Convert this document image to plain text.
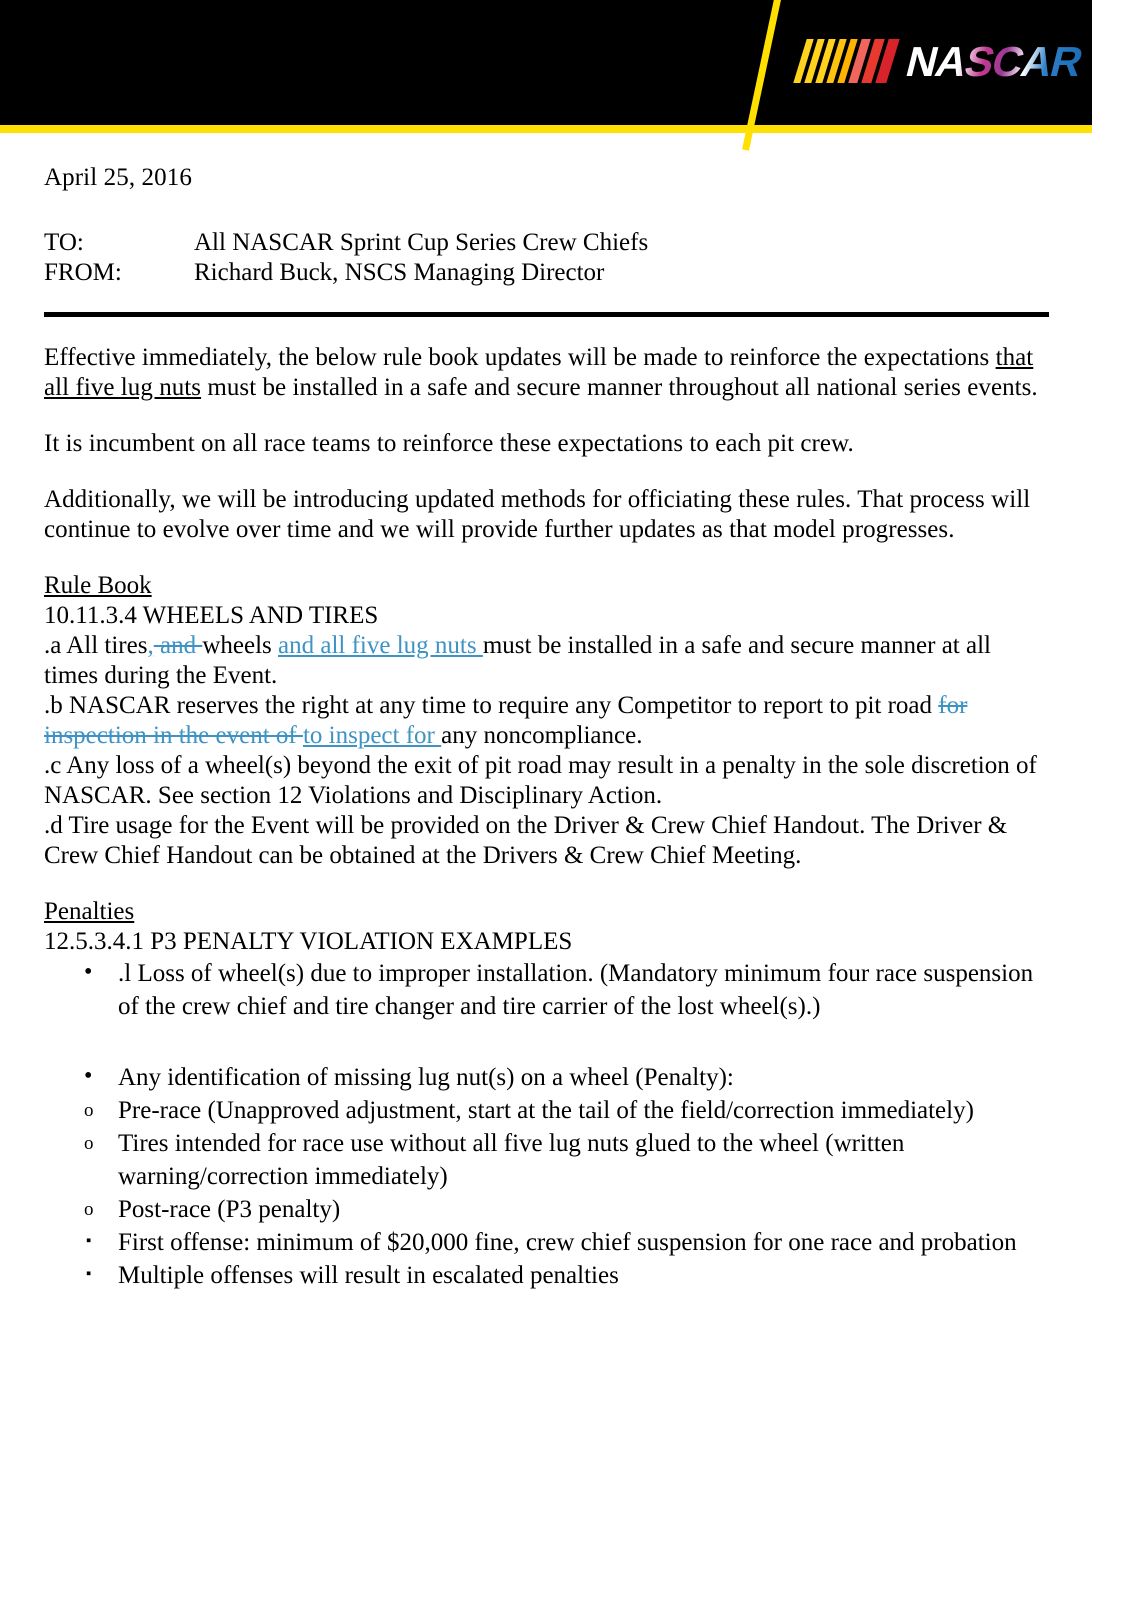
NASCAR	®
April 25, 2016
TO:	All NASCAR Sprint Cup Series Crew Chiefs
FROM:	Richard Buck, NSCS Managing Director
Effective immediately, the below rule book updates will be made to reinforce the expectations that all five lug nuts must be installed in a safe and secure manner throughout all national series events.
It is incumbent on all race teams to reinforce these expectations to each pit crew.
Additionally, we will be introducing updated methods for officiating these rules. That process will continue to evolve over time and we will provide further updates as that model progresses.
Rule Book
10.11.3.4 WHEELS AND TIRES
.a All tires, and wheels and all five lug nuts must be installed in a safe and secure manner at all times during the Event.
.b NASCAR reserves the right at any time to require any Competitor to report to pit road for inspection in the event of to inspect for any noncompliance.
.c Any loss of a wheel(s) beyond the exit of pit road may result in a penalty in the sole discretion of NASCAR. See section 12 Violations and Disciplinary Action.
.d Tire usage for the Event will be provided on the Driver & Crew Chief Handout. The Driver & Crew Chief Handout can be obtained at the Drivers & Crew Chief Meeting.
Penalties
12.5.3.4.1 P3 PENALTY VIOLATION EXAMPLES
• .l Loss of wheel(s) due to improper installation. (Mandatory minimum four race suspension of the crew chief and tire changer and tire carrier of the lost wheel(s).)
• Any identification of missing lug nut(s) on a wheel (Penalty):
o Pre-race (Unapproved adjustment, start at the tail of the field/correction immediately)
o Tires intended for race use without all five lug nuts glued to the wheel (written warning/correction immediately)
o Post-race (P3 penalty)
▪ First offense: minimum of $20,000 fine, crew chief suspension for one race and probation
▪ Multiple offenses will result in escalated penalties
